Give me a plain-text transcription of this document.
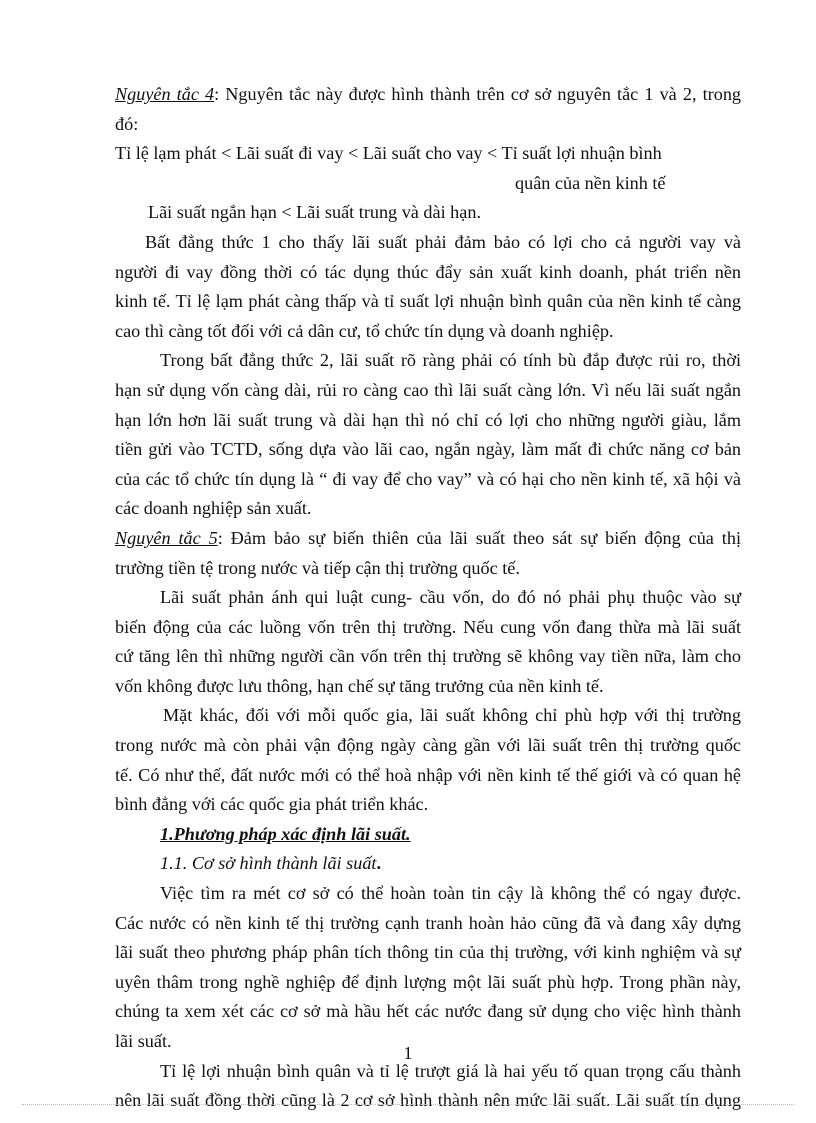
Nguyên tắc 4: Nguyên tắc này được hình thành trên cơ sở nguyên tắc 1 và 2, trong

đó:

Tỉ lệ lạm phát < Lãi suất đi vay < Lãi suất cho vay < Tỉ suất lợi nhuận bình

quân của nền kinh tế

Lãi suất ngắn hạn < Lãi suất trung và dài hạn.

Bất đẳng thức 1 cho thấy lãi suất phải đảm bảo có lợi cho cả người vay và

người đi vay đồng thời có tác dụng thúc đẩy sản xuất kinh doanh, phát triển nền

kinh tế. Tỉ lệ lạm phát càng thấp và tỉ suất lợi nhuận bình quân của nền kinh tế càng

cao thì càng tốt đối với cả dân cư, tổ chức tín dụng và doanh nghiệp.

Trong bất đẳng thức 2, lãi suất rõ ràng phải có tính bù đắp được rủi ro, thời

hạn sử dụng vốn càng dài, rủi ro càng cao thì lãi suất càng lớn. Vì nếu lãi suất ngắn

hạn lớn hơn lãi suất trung và dài hạn thì nó chỉ có lợi cho những người giàu, lắm

tiền gửi vào TCTD, sống dựa vào lãi cao, ngắn ngày, làm mất đi chức năng cơ bản

của các tổ chức tín dụng là “ đi vay để cho vay” và có hại cho nền kinh tế, xã hội và

các doanh nghiệp sản xuất.

Nguyên tắc 5: Đảm bảo sự biến thiên của lãi suất theo sát sự biến động của thị

trường tiền tệ trong nước và tiếp cận thị trường quốc tế.

Lãi suất phản ánh qui luật cung- cầu vốn, do đó nó phải phụ thuộc vào sự

biến động của các luồng vốn trên thị trường. Nếu cung vốn đang thừa mà lãi suất

cứ tăng lên thì những người cần vốn trên thị trường sẽ không vay tiền nữa, làm cho

vốn không được lưu thông, hạn chế sự tăng trưởng của nền kinh tế.

Mặt khác, đối với mỗi quốc gia, lãi suất không chỉ phù hợp với thị trường

trong nước mà còn phải vận động ngày càng gần với lãi suất trên thị trường quốc

tế. Có như thế, đất nước mới có thể hoà nhập với nền kinh tế thế giới và có quan hệ

bình đẳng với các quốc gia phát triển khác.

1.Phương pháp xác định lãi suất.

1.1. Cơ sở hình thành lãi suất.

Việc tìm ra mét cơ sở có thể hoàn toàn tin cậy là không thể có ngay được.

Các nước có nền kinh tế thị trường cạnh tranh hoàn hảo cũng đã và đang xây dựng

lãi suất theo phương pháp phân tích thông tin của thị trường, với kinh nghiệm và sự

uyên thâm trong nghề nghiệp để định lượng một lãi suất phù hợp. Trong phần này,

chúng ta xem xét các cơ sở mà hầu hết các nước đang sử dụng cho việc hình thành

lãi suất.

Tỉ lệ lợi nhuận bình quân và tỉ lệ trượt giá là hai yếu tố quan trọng cấu thành

nên lãi suất đồng thời cũng là 2 cơ sở hình thành nên mức lãi suất. Lãi suất tín dụng

1
